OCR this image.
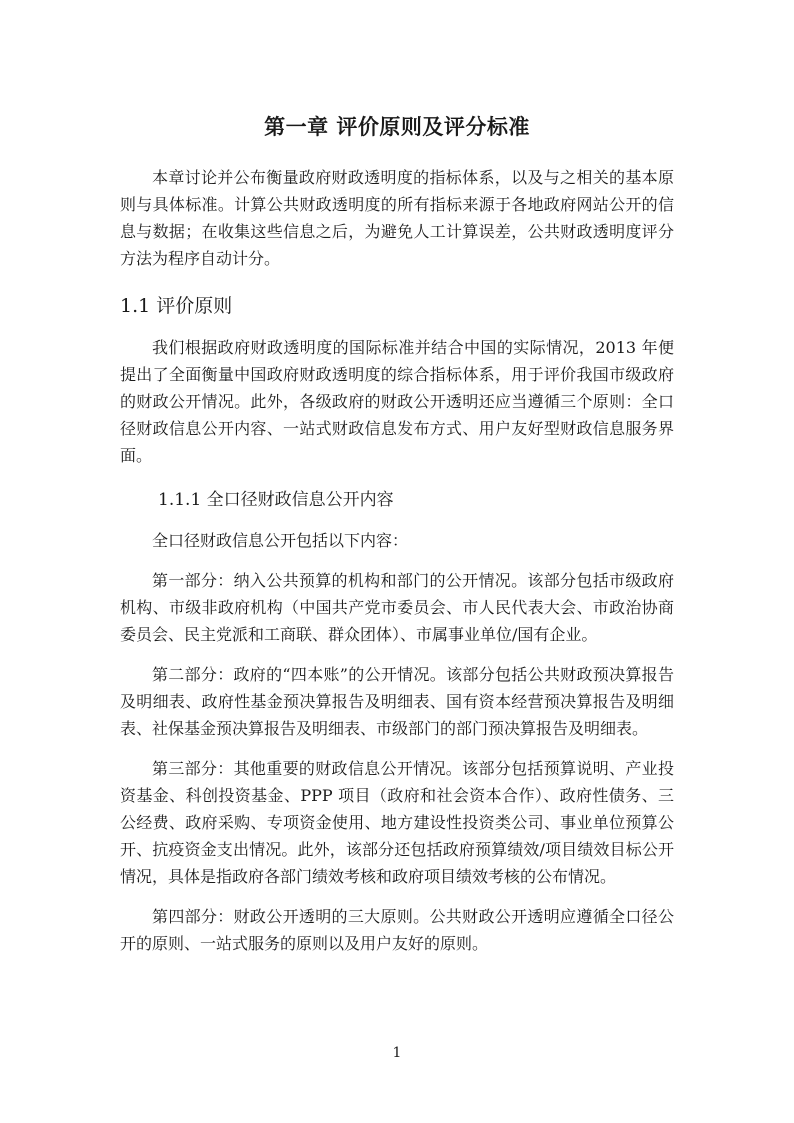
第一章 评价原则及评分标准

本章讨论并公布衡量政府财政透明度的指标体系，以及与之相关的基本原则与具体标准。计算公共财政透明度的所有指标来源于各地政府网站公开的信息与数据；在收集这些信息之后，为避免人工计算误差，公共财政透明度评分方法为程序自动计分。

1.1 评价原则

我们根据政府财政透明度的国际标准并结合中国的实际情况，2013 年便提出了全面衡量中国政府财政透明度的综合指标体系，用于评价我国市级政府的财政公开情况。此外，各级政府的财政公开透明还应当遵循三个原则：全口径财政信息公开内容、一站式财政信息发布方式、用户友好型财政信息服务界面。

1.1.1 全口径财政信息公开内容

全口径财政信息公开包括以下内容：

第一部分：纳入公共预算的机构和部门的公开情况。该部分包括市级政府机构、市级非政府机构（中国共产党市委员会、市人民代表大会、市政治协商委员会、民主党派和工商联、群众团体）、市属事业单位/国有企业。

第二部分：政府的“四本账”的公开情况。该部分包括公共财政预决算报告及明细表、政府性基金预决算报告及明细表、国有资本经营预决算报告及明细表、社保基金预决算报告及明细表、市级部门的部门预决算报告及明细表。

第三部分：其他重要的财政信息公开情况。该部分包括预算说明、产业投资基金、科创投资基金、PPP 项目（政府和社会资本合作）、政府性债务、三公经费、政府采购、专项资金使用、地方建设性投资类公司、事业单位预算公开、抗疫资金支出情况。此外，该部分还包括政府预算绩效/项目绩效目标公开情况，具体是指政府各部门绩效考核和政府项目绩效考核的公布情况。

第四部分：财政公开透明的三大原则。公共财政公开透明应遵循全口径公开的原则、一站式服务的原则以及用户友好的原则。

1
